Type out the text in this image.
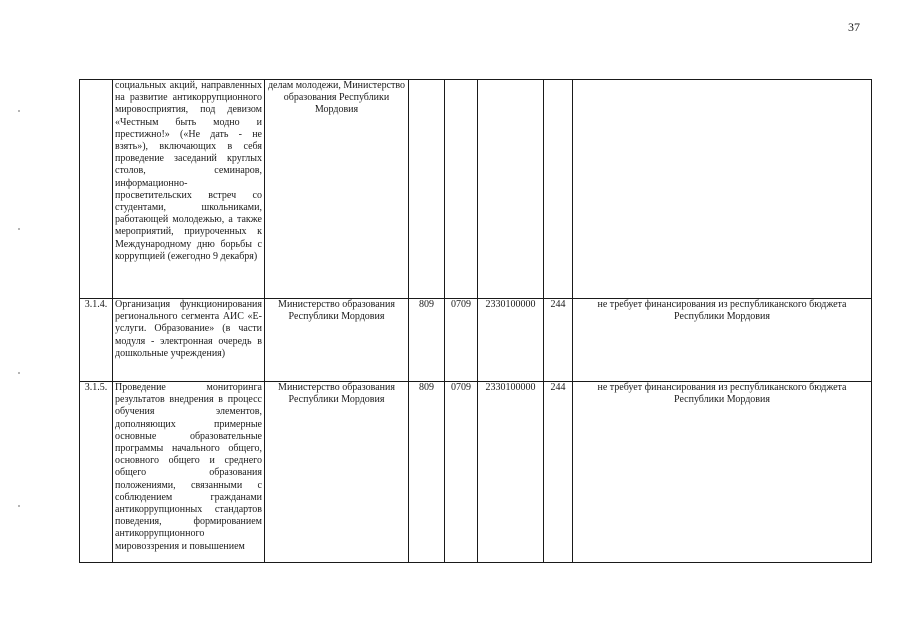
37
	социальных акций, направленных на развитие антикоррупционного мировосприятия, под девизом «Честным быть модно и престижно!» («Не дать - не взять»), включающих в себя проведение заседаний круглых столов, семинаров, информационно-просветительских встреч со студентами, школьниками, работающей молодежью, а также мероприятий, приуроченных к Международному дню борьбы с коррупцией (ежегодно 9 декабря)	делам молодежи, Министерство образования Республики Мордовия					
3.1.4.	Организация функционирования регионального сегмента АИС «Е-услуги. Образование» (в части модуля - электронная очередь в дошкольные учреждения)	Министерство образования Республики Мордовия	809	0709	2330100000	244	не требует финансирования из республиканского бюджета Республики Мордовия
3.1.5.	Проведение мониторинга результатов внедрения в процесс обучения элементов, дополняющих примерные основные образовательные программы начального общего, основного общего и среднего общего образования положениями, связанными с соблюдением гражданами антикоррупционных стандартов поведения, формированием антикоррупционного мировоззрения и повышением	Министерство образования Республики Мордовия	809	0709	2330100000	244	не требует финансирования из республиканского бюджета Республики Мордовия
